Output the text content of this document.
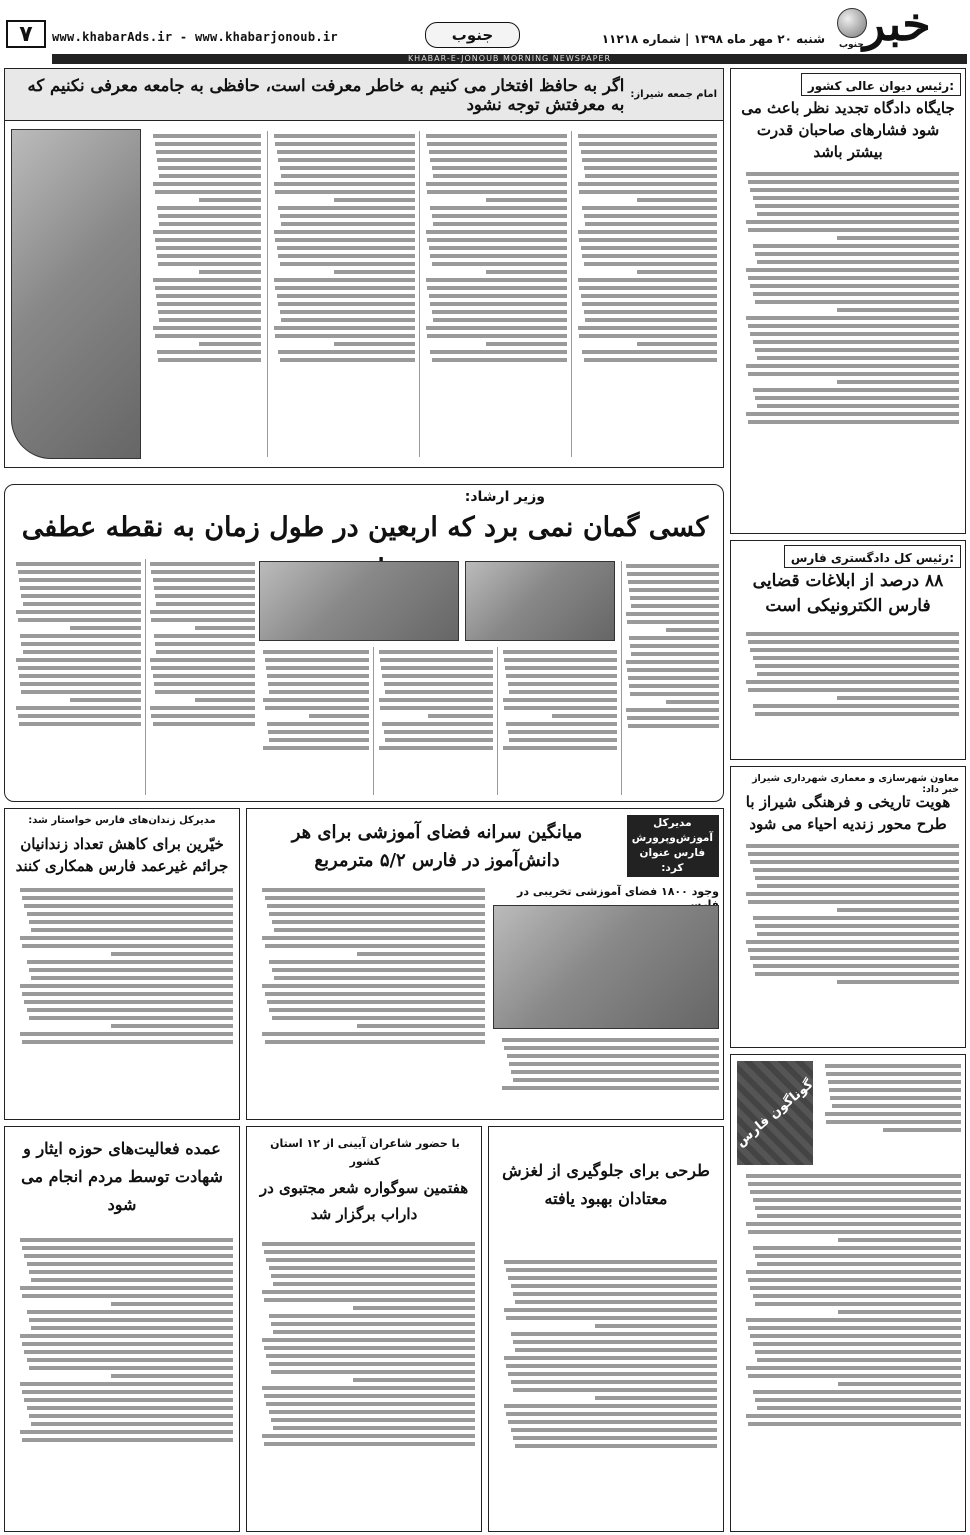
۷ www.khabarAds.ir - www.khabarjonoub.ir	جنوب	شنبه ۲۰ مهر ماه ۱۳۹۸ | شماره ۱۱۲۱۸ خبر
جنوب
KHABAR-E-JONOUB MORNING NEWSPAPER
اگر به حافظ افتخار می کنیم به خاطر معرفت است، حافظی به جامعه معرفی نکنیم که به معرفتش توجه نشود امام جمعه شیراز:
رئیس دیوان عالی کشور:
جایگاه دادگاه تجدید نظر باعث می شود فشارهای صاحبان قدرت بیشتر باشد
وزیر ارشاد:
کسی گمان نمی برد که اربعین در طول زمان به نقطه عطفی
رئیس کل دادگستری فارس:
۸۸ درصد از ابلاغات قضایی فارس الکترونیکی است
معاون شهرسازی و معماری شهرداری شیراز خبر داد:
هویت تاریخی و فرهنگی شیراز با طرح محور زندیه احیاء می شود
مدیرکل زندان‌های فارس خواستار شد:
خیّرین برای کاهش تعداد زندانیان جرائم غیرعمد فارس همکاری کنند
مدیرکل آموزش‌وپرورش فارس عنوان کرد:
میانگین سرانه فضای آموزشی برای هر دانش‌آموز در فارس ۵/۲ مترمربع
وجود ۱۸۰۰ فضای آموزشی تخریبی در
گوناگون فارس
عمده فعالیت‌های حوزه ایثار و شهادت توسط مردم انجام می شود
با حضور شاعران آیینی از ۱۲ استان کشور
هفتمین سوگواره شعر مجتبوی در داراب برگزار شد
طرحی برای جلوگیری از لغزش معتادان بهبود یافته
